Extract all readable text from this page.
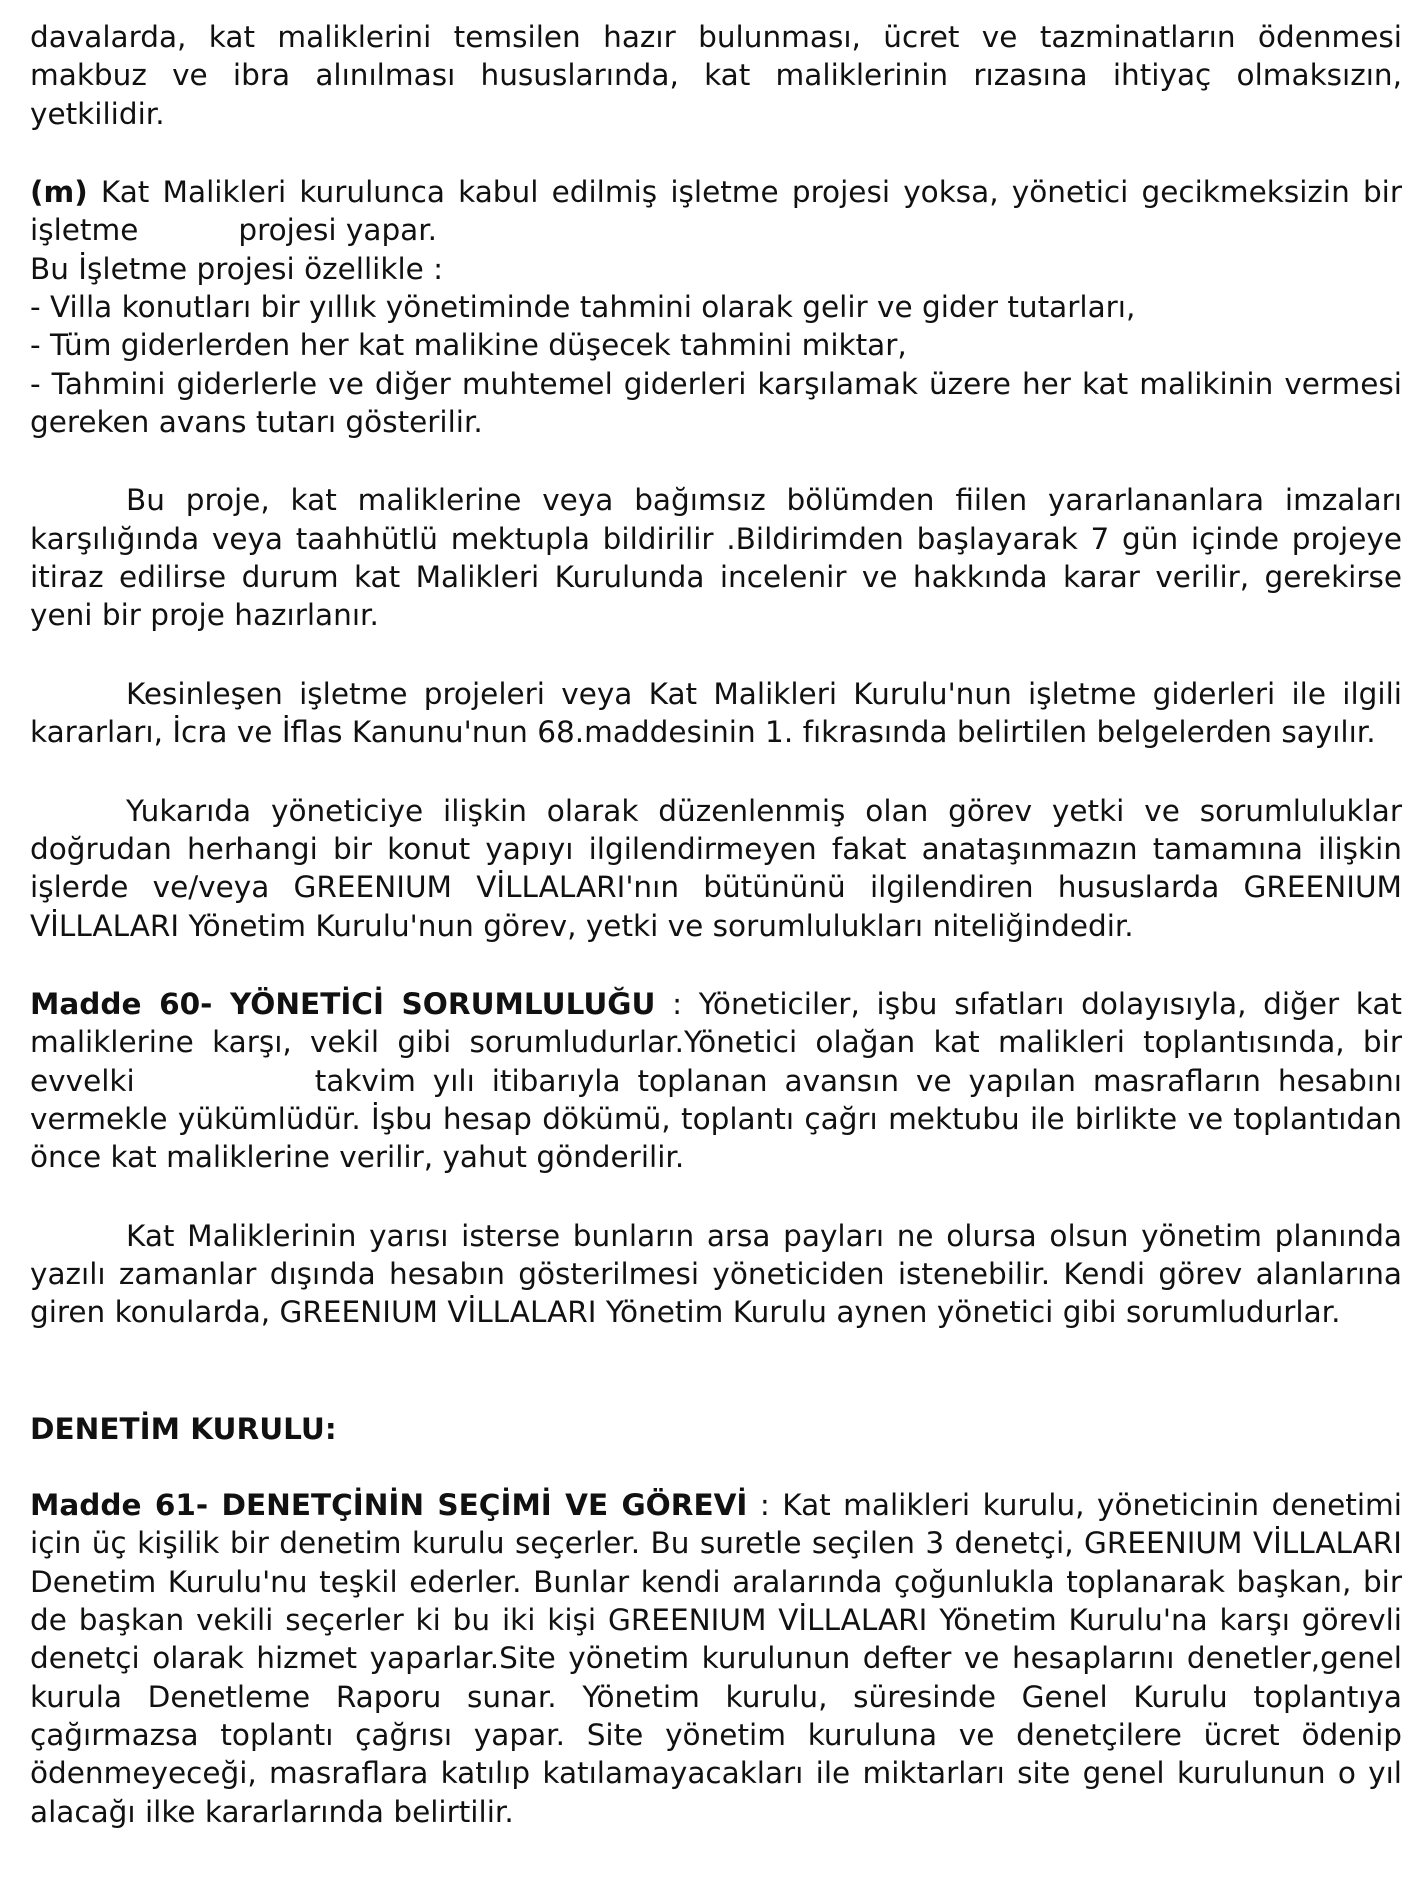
davalarda, kat maliklerini temsilen hazır bulunması, ücret ve tazminatların ödenmesi makbuz ve ibra alınılması hususlarında, kat maliklerinin rızasına ihtiyaç olmaksızın, yetkilidir.

(m) Kat Malikleri kurulunca kabul edilmiş işletme projesi yoksa, yönetici gecikmeksizin bir işletme	projesi yapar.

Bu İşletme projesi özellikle :

- Villa konutları bir yıllık yönetiminde tahmini olarak gelir ve gider tutarları,

- Tüm giderlerden her kat malikine düşecek tahmini miktar,

- Tahmini giderlerle ve diğer muhtemel giderleri karşılamak üzere her kat malikinin vermesi gereken avans tutarı gösterilir.

Bu proje, kat maliklerine veya bağımsız bölümden fiilen yararlananlara imzaları karşılığında veya taahhütlü mektupla bildirilir .Bildirimden başlayarak 7 gün içinde projeye itiraz edilirse durum kat Malikleri Kurulunda incelenir ve hakkında karar verilir, gerekirse yeni bir proje hazırlanır.

Kesinleşen işletme projeleri veya Kat Malikleri Kurulu'nun işletme giderleri ile ilgili kararları, İcra ve İflas Kanunu'nun 68.maddesinin 1. fıkrasında belirtilen belgelerden sayılır.

Yukarıda yöneticiye ilişkin olarak düzenlenmiş olan görev yetki ve sorumluluklar doğrudan herhangi bir konut yapıyı ilgilendirmeyen fakat anataşınmazın tamamına ilişkin işlerde ve/veya GREENIUM VİLLALARI'nın bütününü ilgilendiren hususlarda GREENIUM VİLLALARI Yönetim Kurulu'nun görev, yetki ve sorumlulukları niteliğindedir.

Madde 60- YÖNETİCİ SORUMLULUĞU : Yöneticiler, işbu sıfatları dolayısıyla, diğer kat maliklerine karşı, vekil gibi sorumludurlar.Yönetici olağan kat malikleri toplantısında, bir evvelki	takvim yılı itibarıyla toplanan avansın ve yapılan masrafların hesabını vermekle yükümlüdür. İşbu hesap dökümü, toplantı çağrı mektubu ile birlikte ve toplantıdan önce kat maliklerine verilir, yahut gönderilir.

Kat Maliklerinin yarısı isterse bunların arsa payları ne olursa olsun yönetim planında yazılı zamanlar dışında hesabın gösterilmesi yöneticiden istenebilir. Kendi görev alanlarına giren konularda, GREENIUM VİLLALARI Yönetim Kurulu aynen yönetici gibi sorumludurlar.

DENETİM KURULU:

Madde 61- DENETÇİNİN SEÇİMİ VE GÖREVİ : Kat malikleri kurulu, yöneticinin denetimi için üç kişilik bir denetim kurulu seçerler. Bu suretle seçilen 3 denetçi, GREENIUM VİLLALARI Denetim Kurulu'nu teşkil ederler. Bunlar kendi aralarında çoğunlukla toplanarak başkan, bir de başkan vekili seçerler ki bu iki kişi GREENIUM VİLLALARI Yönetim Kurulu'na karşı görevli denetçi olarak hizmet yaparlar.Site yönetim kurulunun defter ve hesaplarını denetler,genel kurula Denetleme Raporu sunar. Yönetim kurulu, süresinde Genel Kurulu toplantıya çağırmazsa toplantı çağrısı yapar. Site yönetim kuruluna ve denetçilere ücret ödenip ödenmeyeceği, masraflara katılıp katılamayacakları ile miktarları site genel kurulunun o yıl alacağı ilke kararlarında belirtilir.
